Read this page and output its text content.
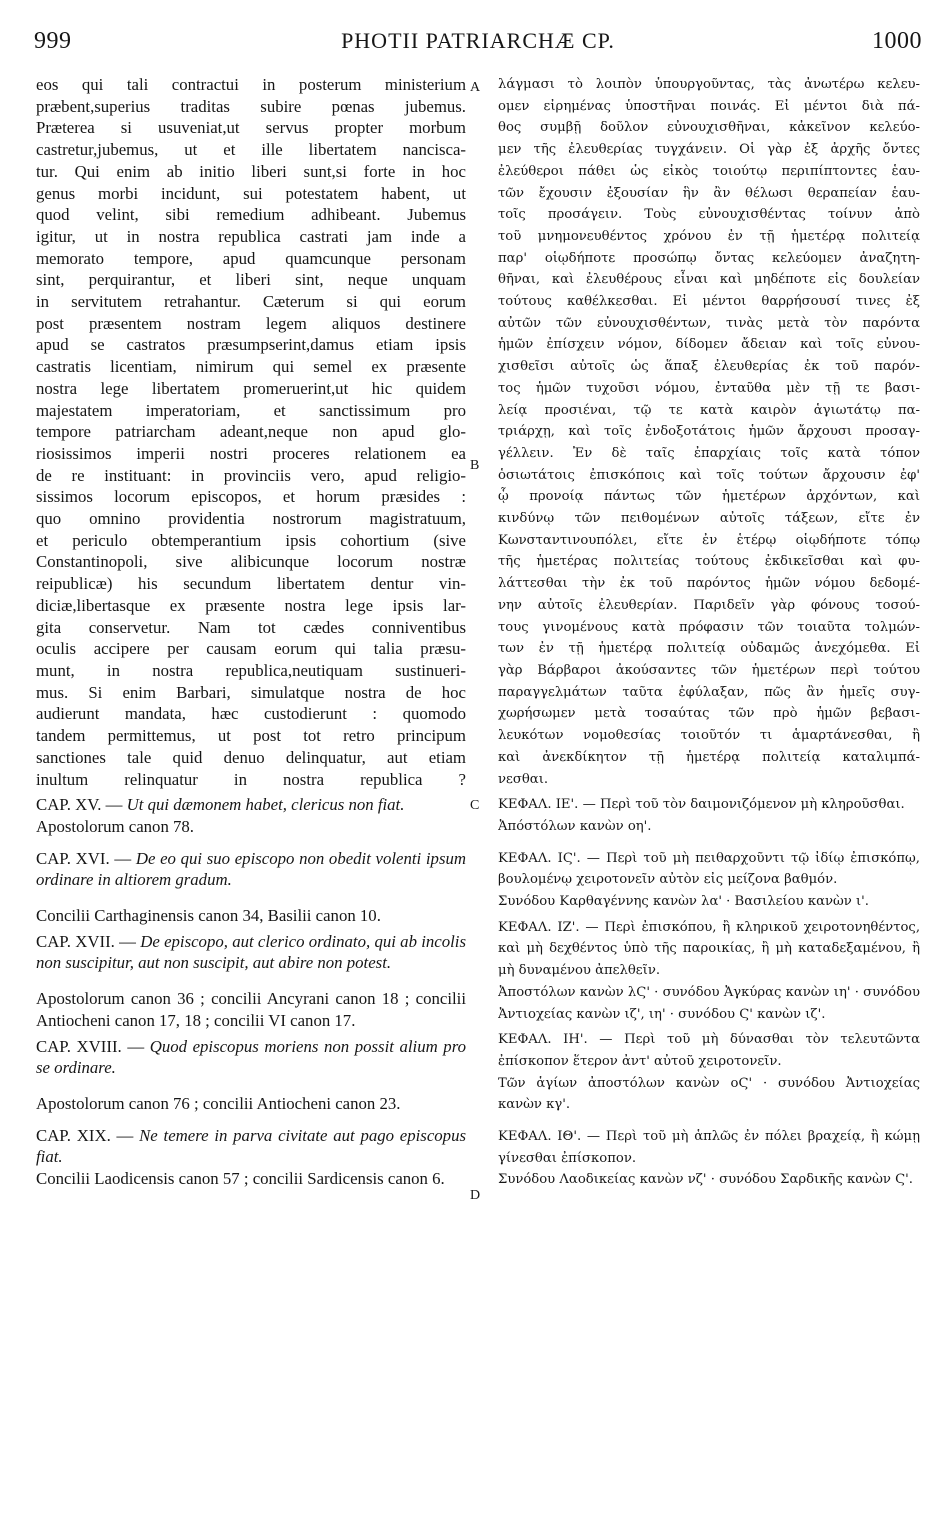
999	PHOTII PATRIARCHÆ CP.	1000
eos qui tali contractui in posterum ministerium
præbent,superius traditas subire pœnas jubemus.
Præterea si usuveniat,ut servus propter morbum
castretur,jubemus, ut et ille libertatem nancisca-
tur. Qui enim ab initio liberi sunt,si forte in hoc
genus morbi incidunt, sui potestatem habent, ut
quod velint, sibi remedium adhibeant. Jubemus
igitur, ut in nostra republica castrati jam inde a
memorato tempore, apud quamcunque personam
sint, perquirantur, et liberi sint, neque unquam
in servitutem retrahantur. Cæterum si qui eorum
post præsentem nostram legem aliquos destinere
apud se castratos præsumpserint,damus etiam ipsis
castratis licentiam, nimirum qui semel ex præsente
nostra lege libertatem promeruerint,ut hic quidem
majestatem imperatoriam, et sanctissimum pro
tempore patriarcham adeant,neque non apud glo-
riosissimos imperii nostri proceres relationem ea
de re instituant: in provinciis vero, apud religio-
sissimos locorum episcopos, et horum præsides :
quo omnino providentia nostrorum magistratuum,
et periculo obtemperantium ipsis cohortium (sive
Constantinopoli, sive alibicunque locorum nostræ
reipublicæ) his secundum libertatem dentur vin-
diciæ,libertasque ex præsente nostra lege ipsis lar-
gita conservetur. Nam tot cædes conniventibus
oculis accipere per causam eorum qui talia præsu-
munt, in nostra republica,neutiquam sustinueri-
mus. Si enim Barbari, simulatque nostra de hoc
audierunt mandata, hæc custodierunt : quomodo
tandem permittemus, ut post tot retro principum
sanctiones tale quid denuo delinquatur, aut etiam
inultum relinquatur in nostra republica ?
CAP. XV. — Ut qui dæmonem habet, clericus non fiat.
Apostolorum canon 78.
CAP. XVI. — De eo qui suo episcopo non obedit volenti ipsum ordinare in altiorem gradum.
Concilii Carthaginensis canon 34, Basilii canon 10.
CAP. XVII. — De episcopo, aut clerico ordinato, qui ab incolis non suscipitur, aut non suscipit, aut abire non potest.
Apostolorum canon 36 ; concilii Ancyrani canon 18 ; concilii Antiocheni canon 17, 18 ; concilii VI canon 17.
CAP. XVIII. — Quod episcopus moriens non possit alium pro se ordinare.
Apostolorum canon 76 ; concilii Antiocheni canon 23.
CAP. XIX. — Ne temere in parva civitate aut pago episcopus fiat.
Concilii Laodicensis canon 57 ; concilii Sardicensis canon 6.
A
B
C
D
λάγμασι τὸ λοιπὸν ὑπουργοῦντας, τὰς ἀνωτέρω κελευ-
ομεν εἰρημένας ὑποστῆναι ποινάς. Εἰ μέντοι διὰ πά-
θος συμβῇ δοῦλον εὐνουχισθῆναι, κἀκεῖνον κελεύο-
μεν τῆς ἐλευθερίας τυγχάνειν. Οἱ γὰρ ἐξ ἀρχῆς ὄντες
ἐλεύθεροι πάθει ὡς εἰκὸς τοιούτῳ περιπίπτοντες ἑαυ-
τῶν ἔχουσιν ἐξουσίαν ἣν ἂν θέλωσι θεραπείαν ἑαυ-
τοῖς προσάγειν. Τοὺς εὐνουχισθέντας τοίνυν ἀπὸ
τοῦ μνημονευθέντος χρόνου ἐν τῇ ἡμετέρᾳ πολιτείᾳ
παρ' οἱῳδήποτε προσώπῳ ὄντας κελεύομεν ἀναζητη-
θῆναι, καὶ ἐλευθέρους εἶναι καὶ μηδέποτε εἰς δουλείαν
τούτους καθέλκεσθαι. Εἰ μέντοι θαρρήσουσί τινες ἐξ
αὐτῶν τῶν εὐνουχισθέντων, τινὰς μετὰ τὸν παρόντα
ἡμῶν ἐπίσχειν νόμον, δίδομεν ἄδειαν καὶ τοῖς εὐνου-
χισθεῖσι αὐτοῖς ὡς ἅπαξ ἐλευθερίας ἐκ τοῦ παρόν-
τος ἡμῶν τυχοῦσι νόμου, ἐνταῦθα μὲν τῇ τε βασι-
λείᾳ προσιέναι, τῷ τε κατὰ καιρὸν ἁγιωτάτῳ πα-
τριάρχῃ, καὶ τοῖς ἐνδοξοτάτοις ἡμῶν ἄρχουσι προσαγ-
γέλλειν. Ἐν δὲ ταῖς ἐπαρχίαις τοῖς κατὰ τόπον
ὁσιωτάτοις ἐπισκόποις καὶ τοῖς τούτων ἄρχουσιν ἐφ'
ᾧ προνοίᾳ πάντως τῶν ἡμετέρων ἀρχόντων, καὶ
κινδύνῳ τῶν πειθομένων αὐτοῖς τάξεων, εἴτε ἐν
Κωνσταντινουπόλει, εἴτε ἐν ἑτέρῳ οἱῳδήποτε τόπῳ
τῆς ἡμετέρας πολιτείας τούτους ἐκδικεῖσθαι καὶ φυ-
λάττεσθαι τὴν ἐκ τοῦ παρόντος ἡμῶν νόμου δεδομέ-
νην αὐτοῖς ἐλευθερίαν. Παριδεῖν γὰρ φόνους τοσού-
τους γινομένους κατὰ πρόφασιν τῶν τοιαῦτα τολμών-
των ἐν τῇ ἡμετέρᾳ πολιτείᾳ οὐδαμῶς ἀνεχόμεθα. Εἰ
γὰρ Βάρβαροι ἀκούσαντες τῶν ἡμετέρων περὶ τούτου
παραγγελμάτων ταῦτα ἐφύλαξαν, πῶς ἂν ἡμεῖς συγ-
χωρήσωμεν μετὰ τοσαύτας τῶν πρὸ ἡμῶν βεβασι-
λευκότων νομοθεσίας τοιοῦτόν τι ἁμαρτάνεσθαι, ἢ
καὶ ἀνεκδίκητον τῇ ἡμετέρᾳ πολιτείᾳ καταλιμπά-
νεσθαι.
ΚΕΦΑΛ. ΙΕ'. — Περὶ τοῦ τὸν δαιμονιζόμενον μὴ κληροῦσθαι.
Ἀπόστόλων κανὼν οη'.
ΚΕΦΑΛ. ΙϚ'. — Περὶ τοῦ μὴ πειθαρχοῦντι τῷ ἰδίῳ ἐπισκόπῳ, βουλομένῳ χειροτονεῖν αὐτὸν εἰς μείζονα βαθμόν.
Συνόδου Καρθαγέννης κανὼν λα' · Βασιλείου κανὼν ι'.
ΚΕΦΑΛ. ΙΖ'. — Περὶ ἐπισκόπου, ἢ κληρικοῦ χειροτονηθέντος, καὶ μὴ δεχθέντος ὑπὸ τῆς παροικίας, ἢ μὴ καταδεξαμένου, ἢ μὴ δυναμένου ἀπελθεῖν.
Ἀποστόλων κανὼν λϚ' · συνόδου Ἀγκύρας κανὼν ιη' · συνόδου Ἀντιοχείας κανὼν ιζ', ιη' · συνόδου Ϛ' κανὼν ιζ'.
ΚΕΦΑΛ. ΙΗ'. — Περὶ τοῦ μὴ δύνασθαι τὸν τελευτῶντα ἐπίσκοπον ἕτερον ἀντ' αὐτοῦ χειροτονεῖν.
Τῶν ἁγίων ἀποστόλων κανὼν οϚ' · συνόδου Ἀντιοχείας κανὼν κγ'.
ΚΕΦΑΛ. ΙΘ'. — Περὶ τοῦ μὴ ἁπλῶς ἐν πόλει βραχείᾳ, ἢ κώμῃ γίνεσθαι ἐπίσκοπον.
Συνόδου Λαοδικείας κανὼν νζ' · συνόδου Σαρδικῆς κανὼν Ϛ'.
